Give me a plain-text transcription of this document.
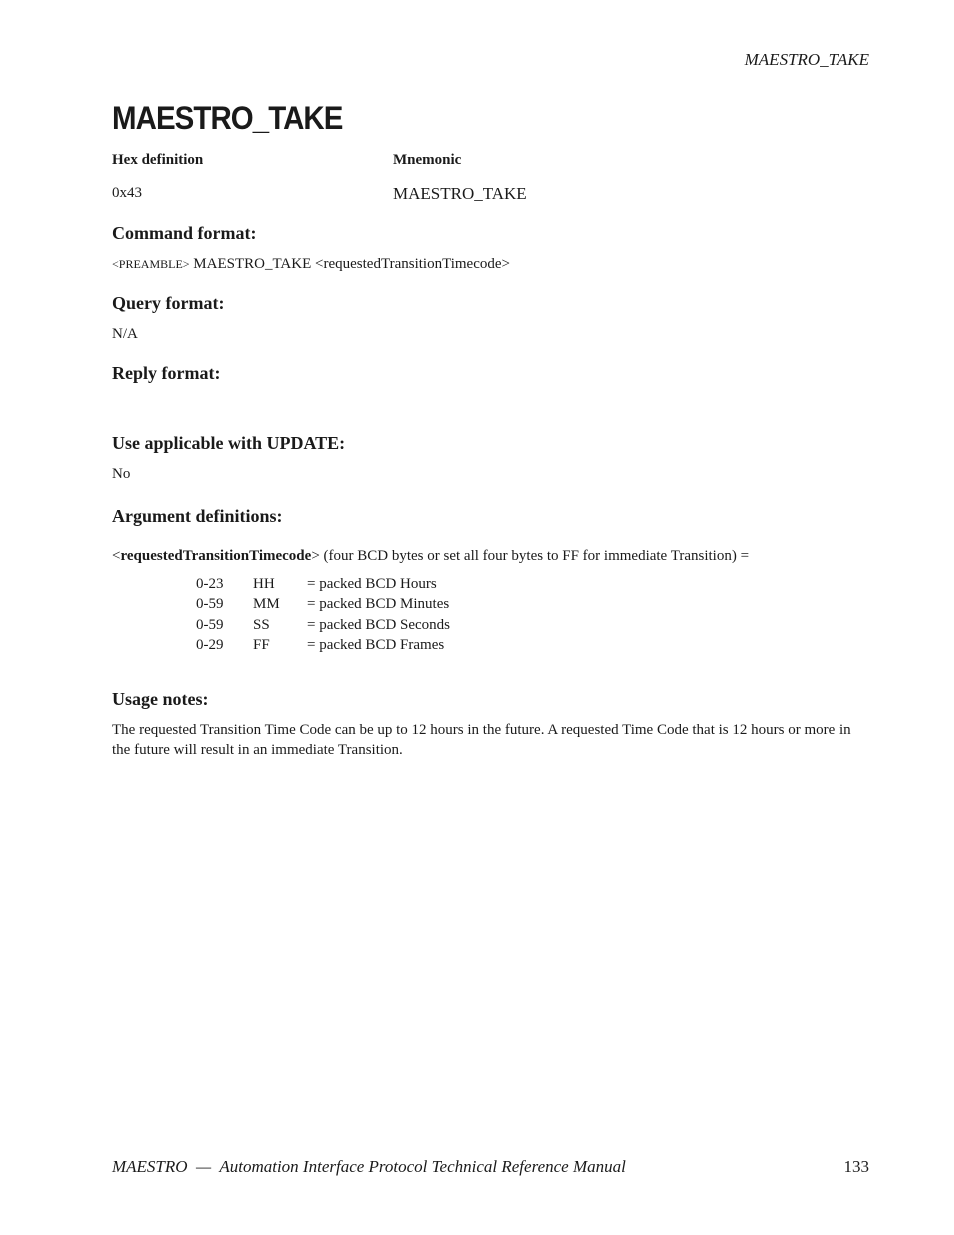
MAESTRO_TAKE
MAESTRO_TAKE
Hex definition	Mnemonic
0x43	MAESTRO_TAKE
Command format:
<PREAMBLE> MAESTRO_TAKE <requestedTransitionTimecode>
Query format:
N/A
Reply format:
Use applicable with UPDATE:
No
Argument definitions:
<requestedTransitionTimecode> (four BCD bytes or set all four bytes to FF for immediate Transition) =
0-23 HH = packed BCD Hours
0-59 MM = packed BCD Minutes
0-59 SS = packed BCD Seconds
0-29 FF = packed BCD Frames
Usage notes:
The requested Transition Time Code can be up to 12 hours in the future. A requested Time Code that is 12 hours or more in the future will result in an immediate Transition.
MAESTRO  —  Automation Interface Protocol Technical Reference Manual	133
